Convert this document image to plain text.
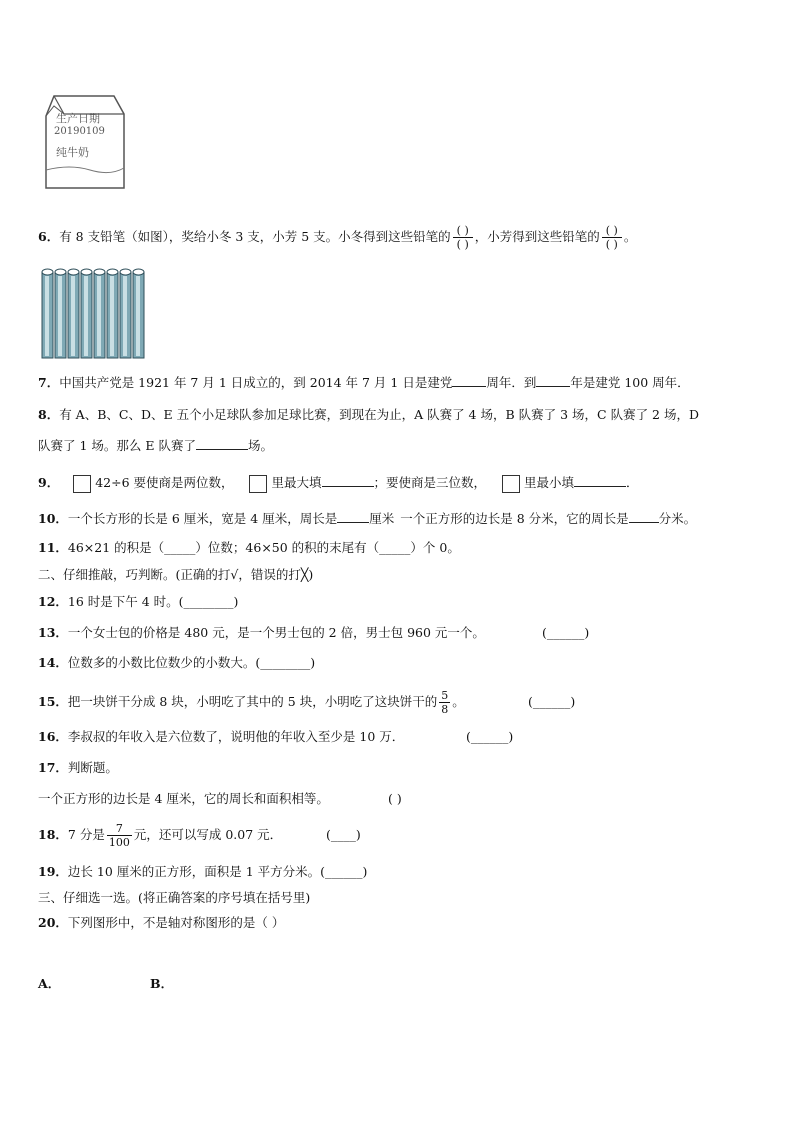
生产日期
20190109
纯牛奶
6．有 8 支铅笔（如图），奖给小冬 3 支，小芳 5 支。小冬得到这些铅笔的 $\frac{( )}{( )}$ ，小芳得到这些铅笔的 $\frac{( )}{( )}$ 。
7．中国共产党是 1921 年 7 月 1 日成立的，到 2014 年 7 月 1 日是建党	周年．到	年是建党 100 周年．
8．有 A、B、C、D、E 五个小足球队参加足球比赛，到现在为止，A 队赛了 4 场，B 队赛了 3 场，C 队赛了 2 场，D
队赛了 1 场。那么 E 队赛了	场。
9．	42÷6 要使商是两位数，	里最大填	；要使商是三位数，	里最小填	．
10．一个长方形的长是 6 厘米，宽是 4 厘米，周长是	厘米 一个正方形的边长是 8 分米，它的周长是 分米。
11．46×21 的积是（_____）位数；46×50 的积的末尾有（_____）个 0。
二、仔细推敲，巧判断。(正确的打√，错误的打╳)
12．16 时是下午 4 时。(________)
13．一个女士包的价格是 480 元，是一个男士包的 2 倍，男士包 960 元一个。	(______)
14．位数多的小数比位数少的小数大。(________)
15．把一块饼干分成 8 块，小明吃了其中的 5 块，小明吃了这块饼干的 $\frac{5}{8}$ 。	(______)
16．李叔叔的年收入是六位数了，说明他的年收入至少是 10 万．	(______)
17．判断题。
一个正方形的边长是 4 厘米，它的周长和面积相等。	( )
18．7 分是 $\frac{7}{100}$ 元，还可以写成 0.07 元．	(____)
19．边长 10 厘米的正方形，面积是 1 平方分米。(______)
三、仔细选一选。(将正确答案的序号填在括号里)
20．下列图形中，不是轴对称图形的是（ ）
A．	B．
